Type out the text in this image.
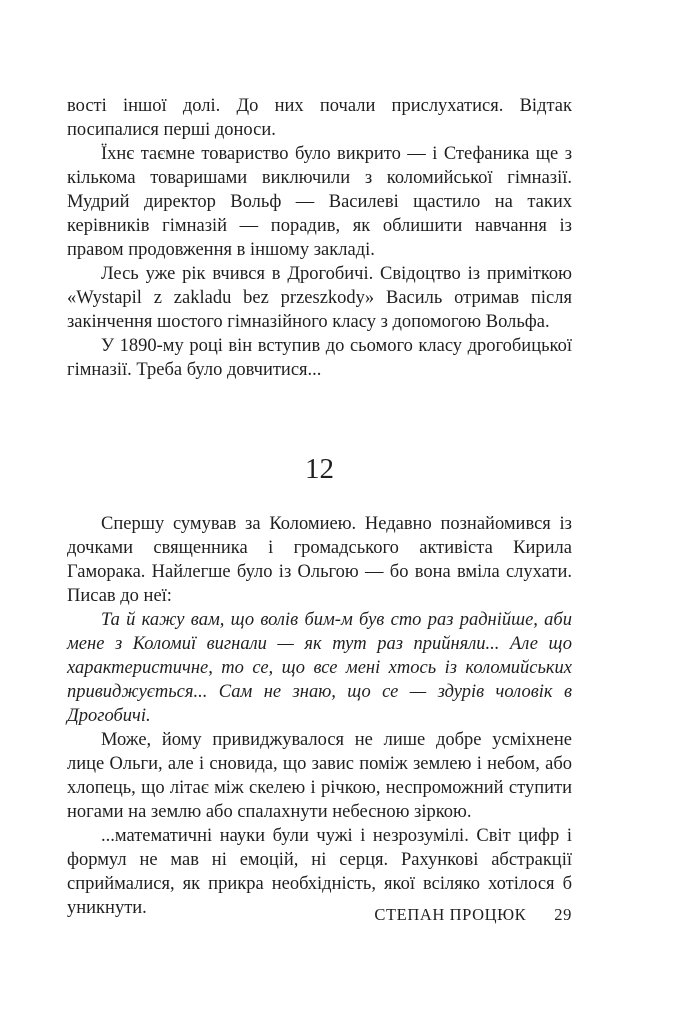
вості іншої долі. До них почали прислухатися. Відтак посипалися перші доноси.

Їхнє таємне товариство було викрито — і Стефаника ще з кількома товаришами виключили з коломийської гімназії. Мудрий директор Вольф — Василеві щастило на таких керівників гімназій — порадив, як облишити навчання із правом продовження в іншому закладі.

Лесь уже рік вчився в Дрогобичі. Свідоцтво із приміткою «Wystapil z zakladu bez przeszkody» Василь отримав після закінчення шостого гімназійного класу з допомогою Вольфа.

У 1890-му році він вступив до сьомого класу дрогобицької гімназії. Треба було довчитися...

12

Спершу сумував за Коломиею. Недавно познайомився із дочками священника і громадського активіста Кирила Гаморака. Найлегше було із Ольгою — бо вона вміла слухати. Писав до неї:

Та й кажу вам, що волів бим-м був сто раз раднійше, аби мене з Коломиї вигнали — як тут раз прийняли... Але що характеристичне, то се, що все мені хтось із коломийських привиджується... Сам не знаю, що се — здурів чоловік в Дрогобичі.

Може, йому привиджувалося не лише добре усміхнене лице Ольги, але і сновида, що завис поміж землею і небом, або хлопець, що літає між скелею і річкою, неспроможний ступити ногами на землю або спалахнути небесною зіркою.

...математичні науки були чужі і незрозумілі. Світ цифр і формул не мав ні емоцій, ні серця. Рахункові абстракції сприймалися, як прикра необхідність, якої всіляко хотілося б уникнути.	СТЕПАН ПРОЦЮК 29
